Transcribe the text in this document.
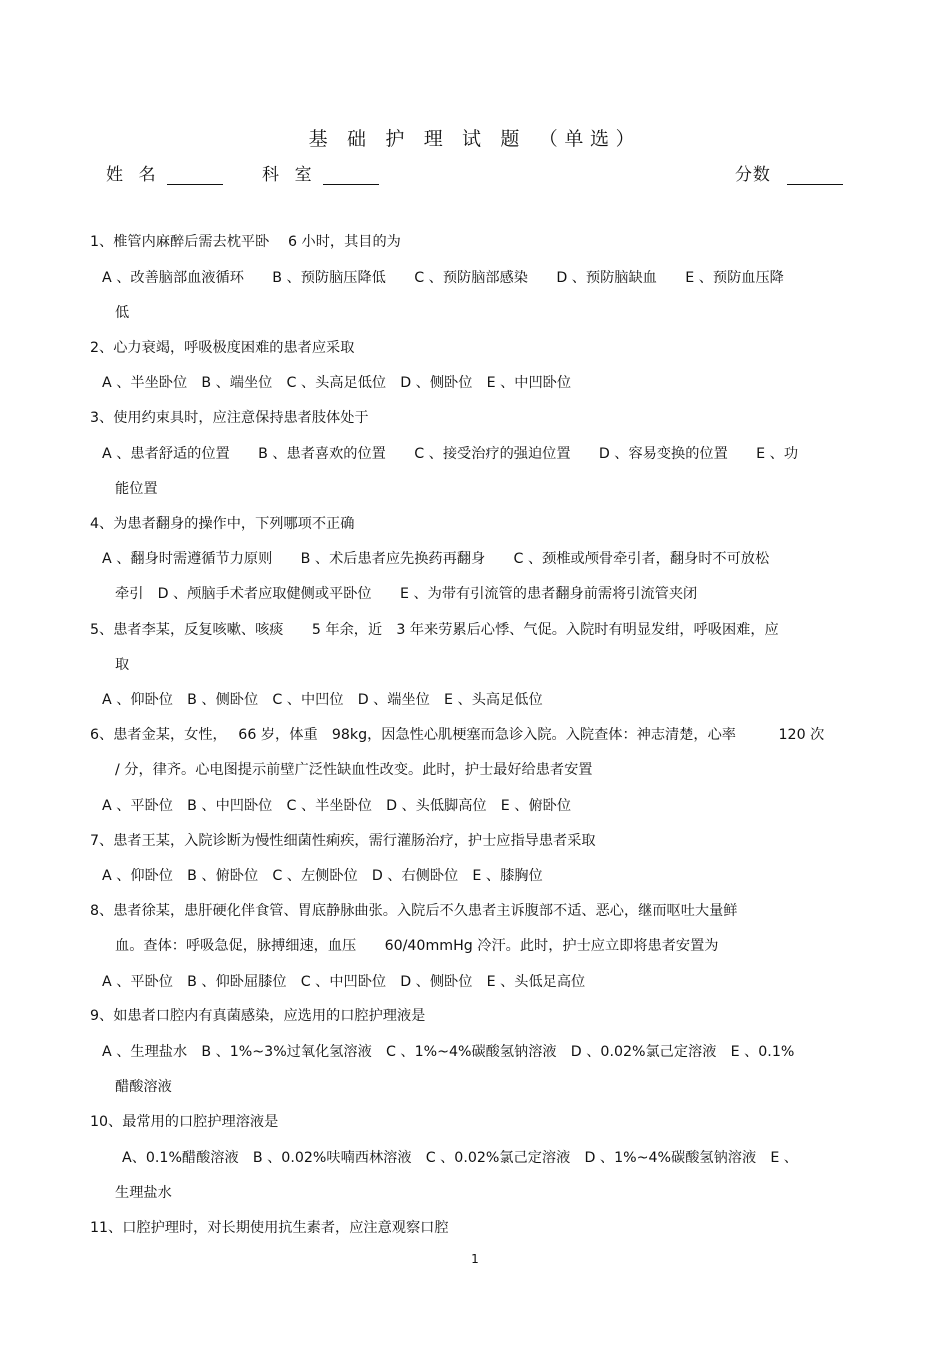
基 础 护 理 试 题 （单选）
姓 名	科 室	分数
1、椎管内麻醉后需去枕平卧　 6 小时，其目的为
A 、改善脑部血液循环　　B 、预防脑压降低　　C 、预防脑部感染　　D 、预防脑缺血　　E 、预防血压降
低
2、心力衰竭，呼吸极度困难的患者应采取
A 、半坐卧位　B 、端坐位　C 、头高足低位　D 、侧卧位　E 、中凹卧位
3、使用约束具时，应注意保持患者肢体处于
A 、患者舒适的位置　　B 、患者喜欢的位置　　C 、接受治疗的强迫位置　　D 、容易变换的位置　　E 、功
能位置
4、为患者翻身的操作中，下列哪项不正确
A 、翻身时需遵循节力原则　　B 、术后患者应先换药再翻身　　C 、颈椎或颅骨牵引者，翻身时不可放松
牵引　D 、颅脑手术者应取健侧或平卧位　　E 、为带有引流管的患者翻身前需将引流管夹闭
5、患者李某，反复咳嗽、咳痰　　5 年余，近　3 年来劳累后心悸、气促。入院时有明显发绀，呼吸困难，应
取
A 、仰卧位　B 、侧卧位　C 、中凹位　D 、端坐位　E 、头高足低位
6、患者金某，女性，　 66 岁，体重　98kg，因急性心肌梗塞而急诊入院。入院查体：神志清楚，心率　　　120 次
/ 分，律齐。心电图提示前壁广泛性缺血性改变。此时，护士最好给患者安置
A 、平卧位　B 、中凹卧位　C 、半坐卧位　D 、头低脚高位　E 、俯卧位
7、患者王某，入院诊断为慢性细菌性痢疾，需行灌肠治疗，护士应指导患者采取
A 、仰卧位　B 、俯卧位　C 、左侧卧位　D 、右侧卧位　E 、膝胸位
8、患者徐某，患肝硬化伴食管、胃底静脉曲张。入院后不久患者主诉腹部不适、恶心，继而呕吐大量鲜
血。查体：呼吸急促，脉搏细速，血压　　60/40mmHg 冷汗。此时，护士应立即将患者安置为
A 、平卧位　B 、仰卧屈膝位　C 、中凹卧位　D 、侧卧位　E 、头低足高位
9、如患者口腔内有真菌感染，应选用的口腔护理液是
A 、生理盐水　B 、1%~3%过氧化氢溶液　C 、1%~4%碳酸氢钠溶液　D 、0.02%氯己定溶液　E 、0.1%
醋酸溶液
10、最常用的口腔护理溶液是
A、0.1%醋酸溶液　B 、0.02%呋喃西林溶液　C 、0.02%氯己定溶液　D 、1%~4%碳酸氢钠溶液　E 、
生理盐水
11、口腔护理时，对长期使用抗生素者，应注意观察口腔
1
